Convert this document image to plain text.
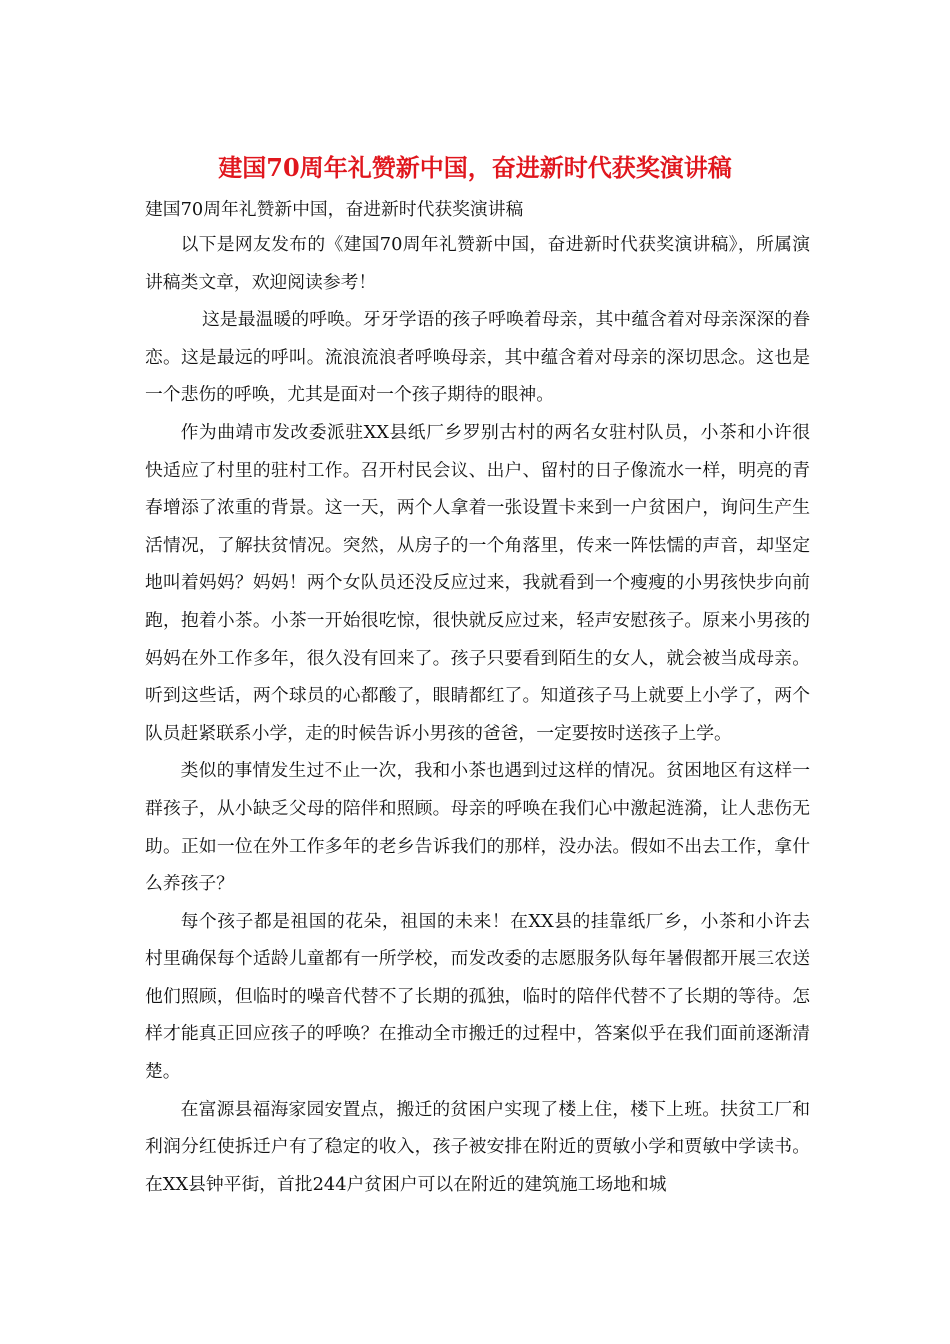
建国70周年礼赞新中国，奋进新时代获奖演讲稿

建国70周年礼赞新中国，奋进新时代获奖演讲稿

以下是网友发布的《建国70周年礼赞新中国，奋进新时代获奖演讲稿》，所属演讲稿类文章，欢迎阅读参考！

这是最温暖的呼唤。牙牙学语的孩子呼唤着母亲，其中蕴含着对母亲深深的眷恋。这是最远的呼叫。流浪流浪者呼唤母亲，其中蕴含着对母亲的深切思念。这也是一个悲伤的呼唤，尤其是面对一个孩子期待的眼神。

作为曲靖市发改委派驻XX县纸厂乡罗别古村的两名女驻村队员，小茶和小许很快适应了村里的驻村工作。召开村民会议、出户、留村的日子像流水一样，明亮的青春增添了浓重的背景。这一天，两个人拿着一张设置卡来到一户贫困户，询问生产生活情况，了解扶贫情况。突然，从房子的一个角落里，传来一阵怯懦的声音，却坚定地叫着妈妈？妈妈！两个女队员还没反应过来，我就看到一个瘦瘦的小男孩快步向前跑，抱着小茶。小茶一开始很吃惊，很快就反应过来，轻声安慰孩子。原来小男孩的妈妈在外工作多年，很久没有回来了。孩子只要看到陌生的女人，就会被当成母亲。听到这些话，两个球员的心都酸了，眼睛都红了。知道孩子马上就要上小学了，两个队员赶紧联系小学，走的时候告诉小男孩的爸爸，一定要按时送孩子上学。

类似的事情发生过不止一次，我和小茶也遇到过这样的情况。贫困地区有这样一群孩子，从小缺乏父母的陪伴和照顾。母亲的呼唤在我们心中激起涟漪，让人悲伤无助。正如一位在外工作多年的老乡告诉我们的那样，没办法。假如不出去工作，拿什么养孩子？

每个孩子都是祖国的花朵，祖国的未来！在XX县的挂靠纸厂乡，小茶和小许去村里确保每个适龄儿童都有一所学校，而发改委的志愿服务队每年暑假都开展三农送他们照顾，但临时的噪音代替不了长期的孤独，临时的陪伴代替不了长期的等待。怎样才能真正回应孩子的呼唤？在推动全市搬迁的过程中，答案似乎在我们面前逐渐清楚。

在富源县福海家园安置点，搬迁的贫困户实现了楼上住，楼下上班。扶贫工厂和利润分红使拆迁户有了稳定的收入，孩子被安排在附近的贾敏小学和贾敏中学读书。在XX县钟平街，首批244户贫困户可以在附近的建筑施工场地和城
